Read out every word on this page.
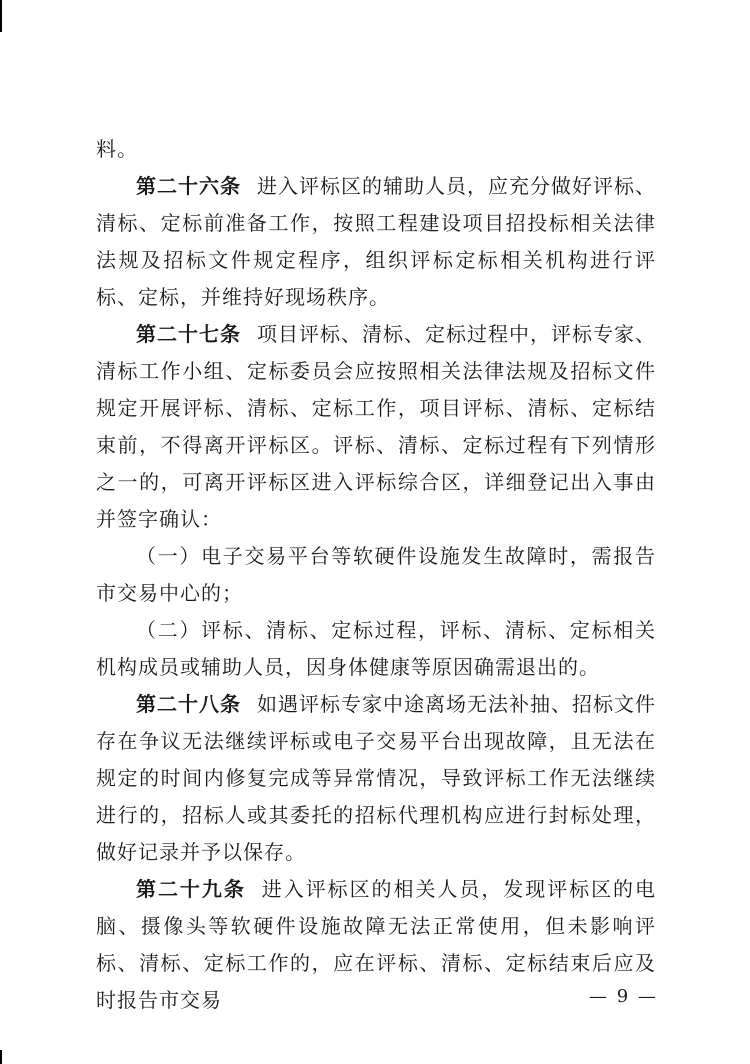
料。

第二十六条 进入评标区的辅助人员，应充分做好评标、清标、定标前准备工作，按照工程建设项目招投标相关法律法规及招标文件规定程序，组织评标定标相关机构进行评标、定标，并维持好现场秩序。

第二十七条 项目评标、清标、定标过程中，评标专家、清标工作小组、定标委员会应按照相关法律法规及招标文件规定开展评标、清标、定标工作，项目评标、清标、定标结束前，不得离开评标区。评标、清标、定标过程有下列情形之一的，可离开评标区进入评标综合区，详细登记出入事由并签字确认：

（一）电子交易平台等软硬件设施发生故障时，需报告市交易中心的；

（二）评标、清标、定标过程，评标、清标、定标相关机构成员或辅助人员，因身体健康等原因确需退出的。

第二十八条 如遇评标专家中途离场无法补抽、招标文件存在争议无法继续评标或电子交易平台出现故障，且无法在规定的时间内修复完成等异常情况，导致评标工作无法继续进行的，招标人或其委托的招标代理机构应进行封标处理，做好记录并予以保存。

第二十九条 进入评标区的相关人员，发现评标区的电脑、摄像头等软硬件设施故障无法正常使用，但未影响评标、清标、定标工作的，应在评标、清标、定标结束后应及时报告市交易	— 9 —
